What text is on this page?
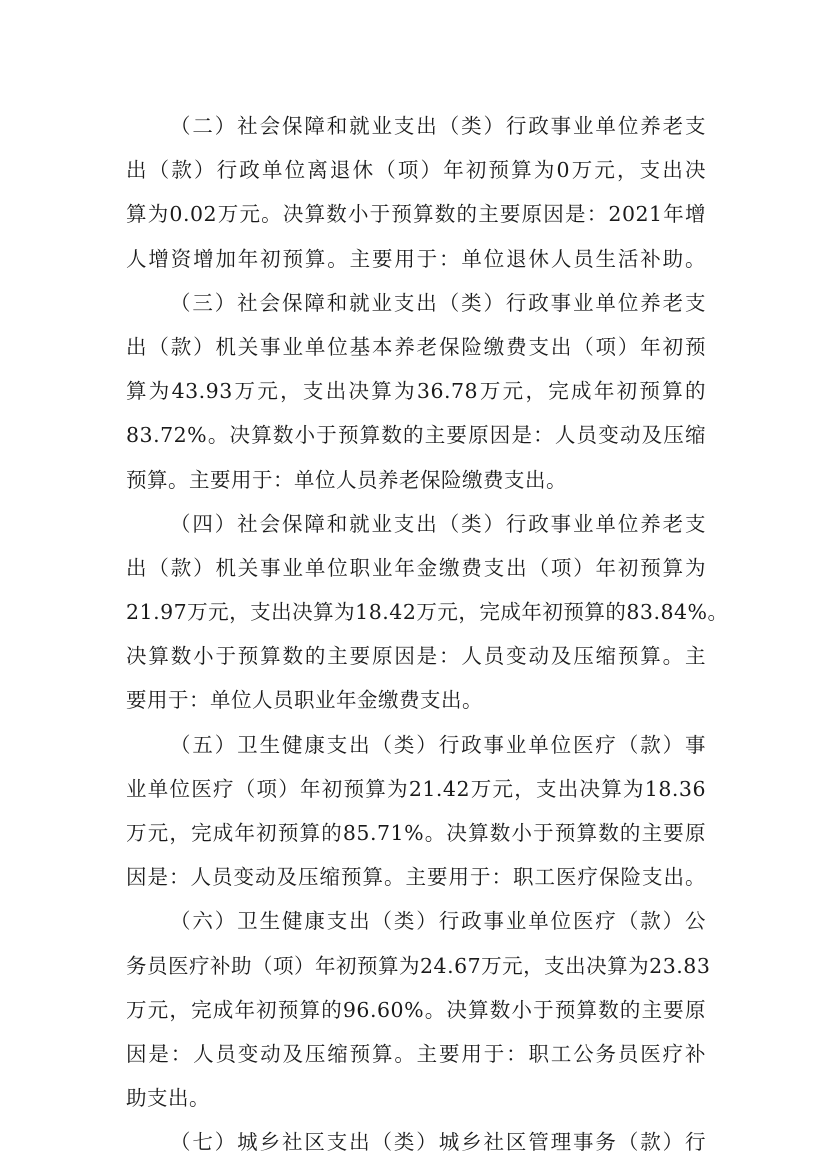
（二）社会保障和就业支出（类）行政事业单位养老支
出（款）行政单位离退休（项）年初预算为0万元，支出决
算为0.02万元。决算数小于预算数的主要原因是：2021年增
人增资增加年初预算。主要用于：单位退休人员生活补助。
（三）社会保障和就业支出（类）行政事业单位养老支
出（款）机关事业单位基本养老保险缴费支出（项）年初预
算为43.93万元，支出决算为36.78万元，完成年初预算的
83.72%。决算数小于预算数的主要原因是：人员变动及压缩
预算。主要用于：单位人员养老保险缴费支出。
（四）社会保障和就业支出（类）行政事业单位养老支
出（款）机关事业单位职业年金缴费支出（项）年初预算为
21.97万元，支出决算为18.42万元，完成年初预算的83.84%。
决算数小于预算数的主要原因是：人员变动及压缩预算。主
要用于：单位人员职业年金缴费支出。
（五）卫生健康支出（类）行政事业单位医疗（款）事
业单位医疗（项）年初预算为21.42万元，支出决算为18.36
万元，完成年初预算的85.71%。决算数小于预算数的主要原
因是：人员变动及压缩预算。主要用于：职工医疗保险支出。
（六）卫生健康支出（类）行政事业单位医疗（款）公
务员医疗补助（项）年初预算为24.67万元，支出决算为23.83
万元，完成年初预算的96.60%。决算数小于预算数的主要原
因是：人员变动及压缩预算。主要用于：职工公务员医疗补
助支出。
（七）城乡社区支出（类）城乡社区管理事务（款）行
